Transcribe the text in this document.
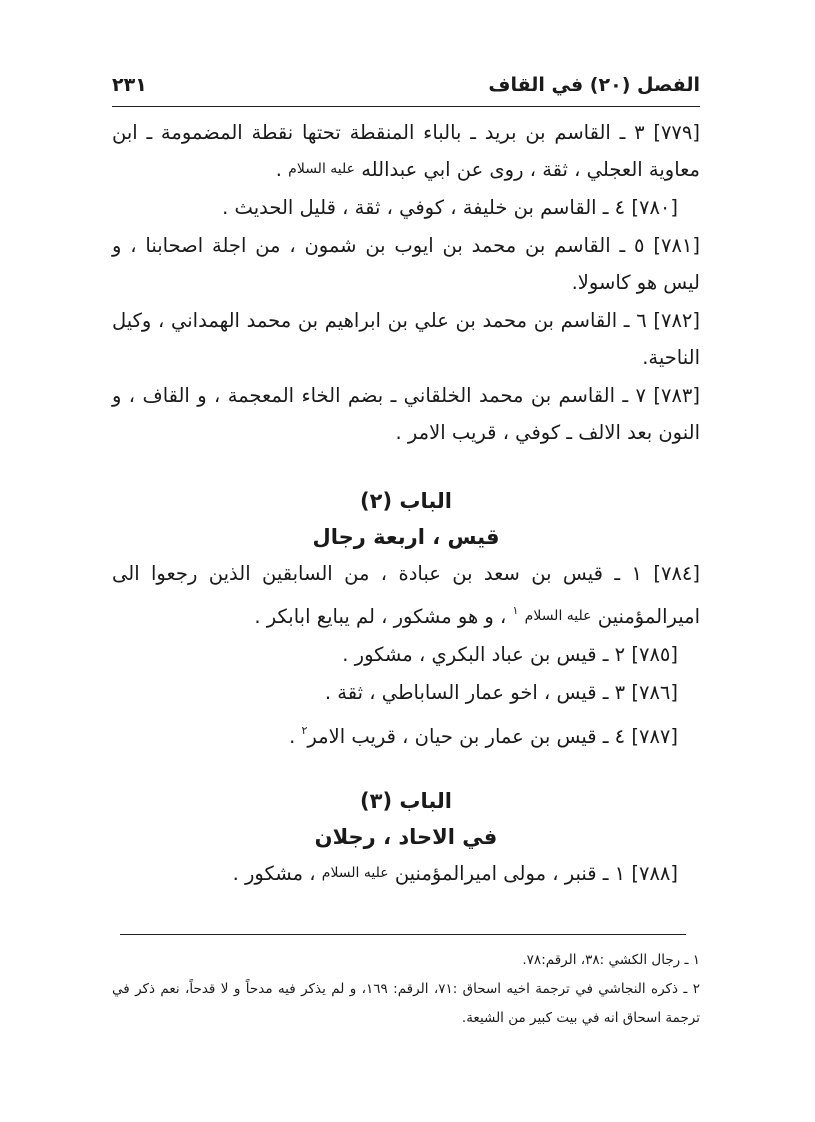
الفصل (٢٠) في القاف
٢٣١

[٧٧٩] ٣ ـ القاسم بن بريد ـ بالباء المنقطة تحتها نقطة المضمومة ـ ابن معاوية العجلي ، ثقة ، روى عن ابي عبدالله عليه السلام .

[٧٨٠] ٤ ـ القاسم بن خليفة ، كوفي ، ثقة ، قليل الحديث .

[٧٨١] ٥ ـ القاسم بن محمد بن ايوب بن شمون ، من اجلة اصحابنا ، و ليس هو كاسولا.

[٧٨٢] ٦ ـ القاسم بن محمد بن علي بن ابراهيم بن محمد الهمداني ، وكيل الناحية.

[٧٨٣] ٧ ـ القاسم بن محمد الخلقاني ـ بضم الخاء المعجمة ، و القاف ، و النون بعد الالف ـ كوفي ، قريب الامر .

الباب (٢)

قيس ، اربعة رجال

[٧٨٤] ١ ـ قيس بن سعد بن عبادة ، من السابقين الذين رجعوا الى اميرالمؤمنين عليه السلام $^١$ ، و هو مشكور ، لم يبايع ابابكر .

[٧٨٥] ٢ ـ قيس بن عباد البكري ، مشكور .

[٧٨٦] ٣ ـ قيس ، اخو عمار الساباطي ، ثقة .

[٧٨٧] ٤ ـ قيس بن عمار بن حيان ، قريب الامر$^٢$ .

الباب (٣)

في الاحاد ، رجلان

[٧٨٨] ١ ـ قنبر ، مولى اميرالمؤمنين عليه السلام ، مشكور .

١ ـ رجال الكشي :٣٨، الرقم:٧٨.

٢ ـ ذكره النجاشي في ترجمة اخيه اسحاق :٧١، الرقم: ١٦٩، و لم يذكر فيه مدحاً و لا قدحاً، نعم ذكر في ترجمة اسحاق انه في بيت كبير من الشيعة.
